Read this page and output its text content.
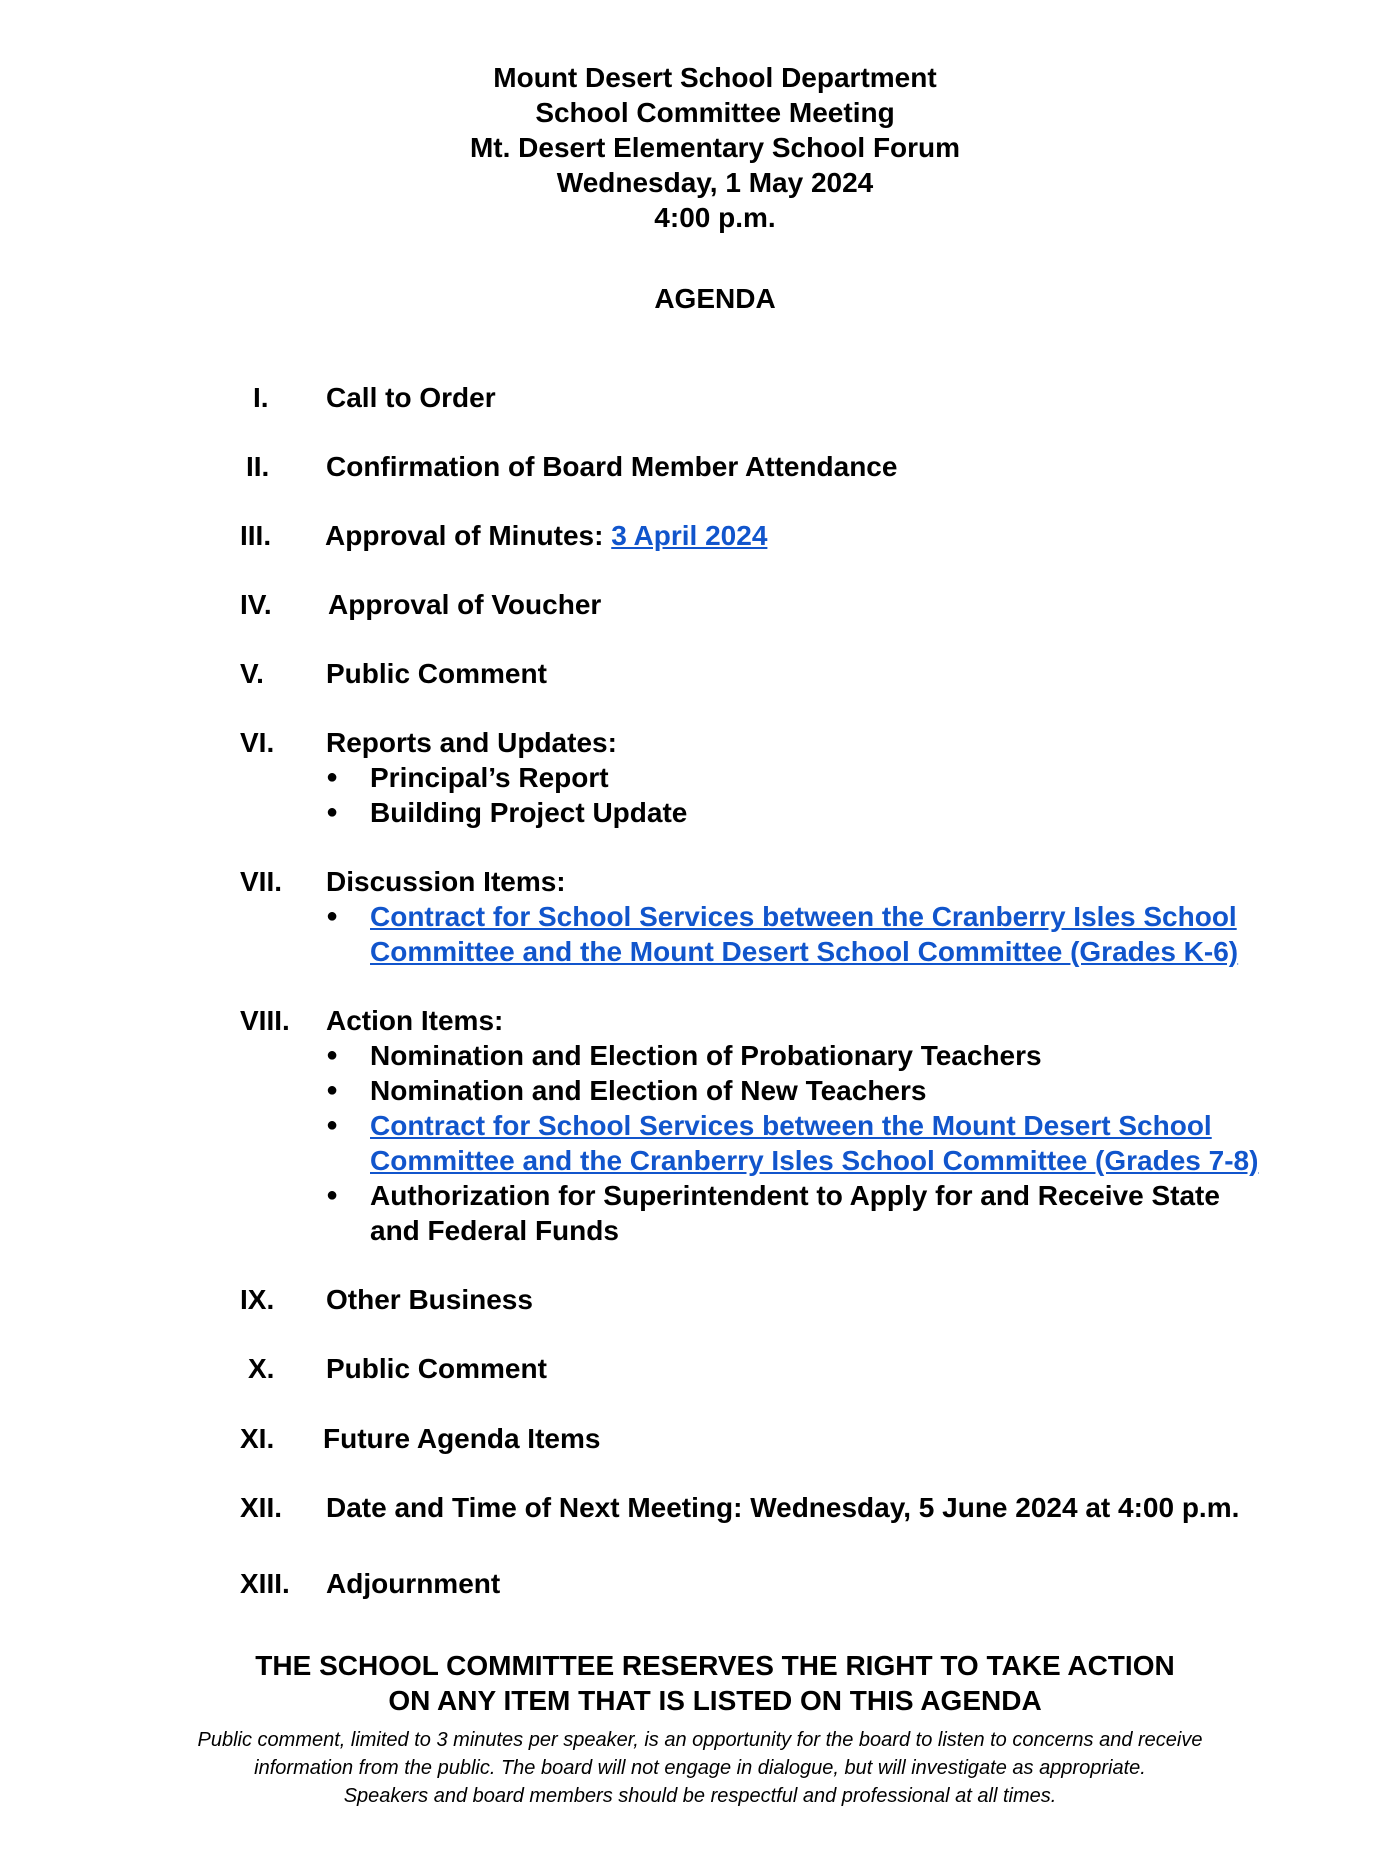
Mount Desert School Department
School Committee Meeting
Mt. Desert Elementary School Forum
Wednesday, 1 May 2024
4:00 p.m.
AGENDA
I. Call to Order
II. Confirmation of Board Member Attendance
III. Approval of Minutes: 3 April 2024
IV. Approval of Voucher
V. Public Comment
VI. Reports and Updates:
● Principal’s Report
● Building Project Update
VII. Discussion Items:
● Contract for School Services between the Cranberry Isles School
Committee and the Mount Desert School Committee (Grades K-6)
VIII. Action Items:
● Nomination and Election of Probationary Teachers
● Nomination and Election of New Teachers
● Contract for School Services between the Mount Desert School
Committee and the Cranberry Isles School Committee (Grades 7-8)
● Authorization for Superintendent to Apply for and Receive State
and Federal Funds
IX. Other Business
X. Public Comment
XI. Future Agenda Items
XII. Date and Time of Next Meeting: Wednesday, 5 June 2024 at 4:00 p.m.
XIII. Adjournment
THE SCHOOL COMMITTEE RESERVES THE RIGHT TO TAKE ACTION
ON ANY ITEM THAT IS LISTED ON THIS AGENDA
Public comment, limited to 3 minutes per speaker, is an opportunity for the board to listen to concerns and receive
information from the public. The board will not engage in dialogue, but will investigate as appropriate.
Speakers and board members should be respectful and professional at all times.
